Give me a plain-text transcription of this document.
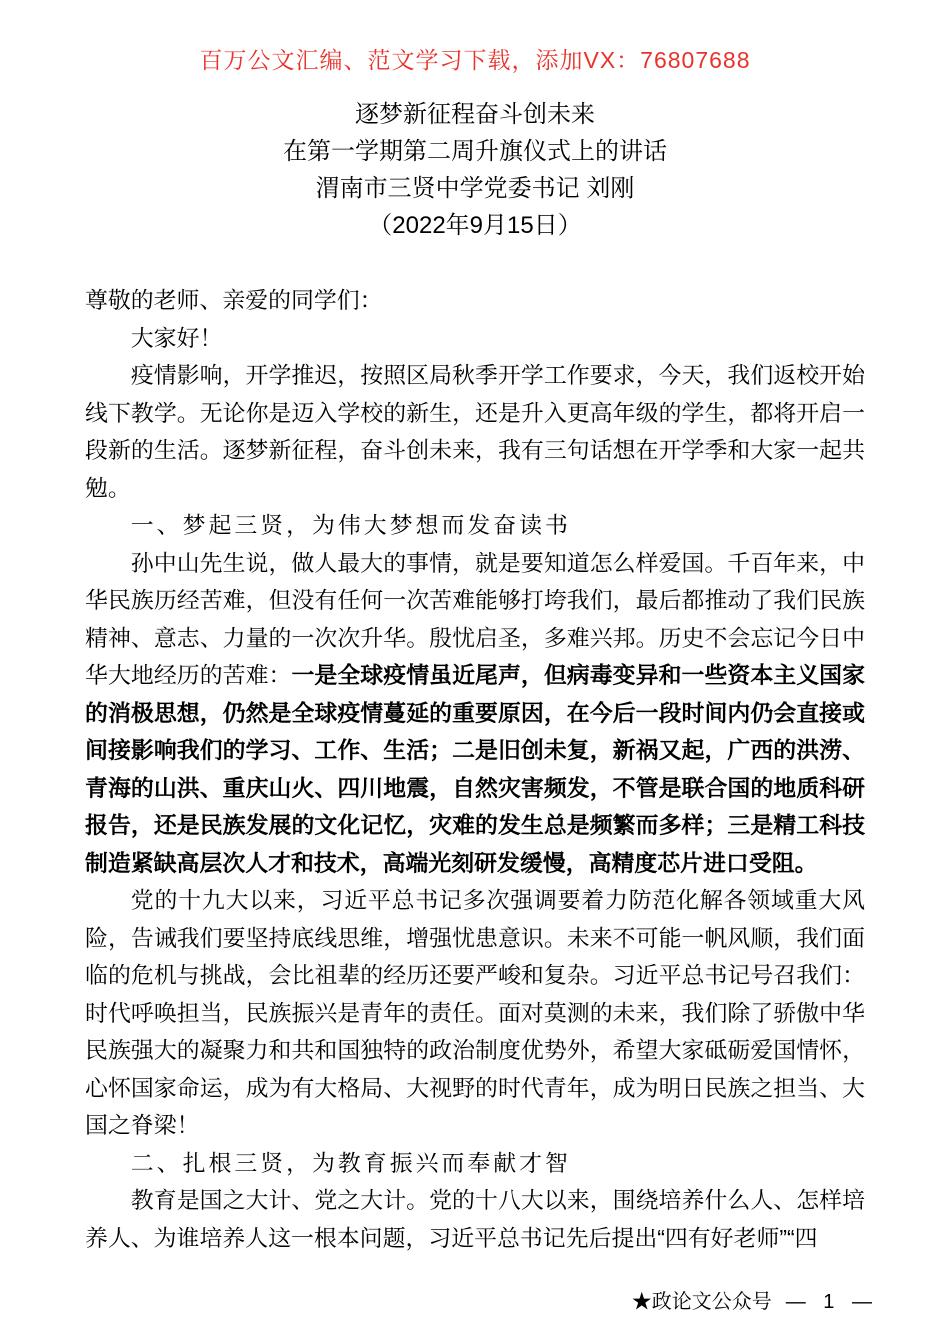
百万公文汇编、范文学习下载，添加VX：76807688
逐梦新征程奋斗创未来
在第一学期第二周升旗仪式上的讲话
渭南市三贤中学党委书记 刘刚
（2022年9月15日）

尊敬的老师、亲爱的同学们：

大家好！

疫情影响，开学推迟，按照区局秋季开学工作要求，今天，我们返校开始线下教学。无论你是迈入学校的新生，还是升入更高年级的学生，都将开启一段新的生活。逐梦新征程，奋斗创未来，我有三句话想在开学季和大家一起共勉。

一、梦起三贤，为伟大梦想而发奋读书

孙中山先生说，做人最大的事情，就是要知道怎么样爱国。千百年来，中华民族历经苦难，但没有任何一次苦难能够打垮我们，最后都推动了我们民族精神、意志、力量的一次次升华。殷忧启圣，多难兴邦。历史不会忘记今日中华大地经历的苦难：一是全球疫情虽近尾声，但病毒变异和一些资本主义国家的消极思想，仍然是全球疫情蔓延的重要原因，在今后一段时间内仍会直接或间接影响我们的学习、工作、生活；二是旧创未复，新祸又起，广西的洪涝、青海的山洪、重庆山火、四川地震，自然灾害频发，不管是联合国的地质科研报告，还是民族发展的文化记忆，灾难的发生总是频繁而多样；三是精工科技制造紧缺高层次人才和技术，高端光刻研发缓慢，高精度芯片进口受阻。

党的十九大以来，习近平总书记多次强调要着力防范化解各领域重大风险，告诫我们要坚持底线思维，增强忧患意识。未来不可能一帆风顺，我们面临的危机与挑战，会比祖辈的经历还要严峻和复杂。习近平总书记号召我们：时代呼唤担当，民族振兴是青年的责任。面对莫测的未来，我们除了骄傲中华民族强大的凝聚力和共和国独特的政治制度优势外，希望大家砥砺爱国情怀，心怀国家命运，成为有大格局、大视野的时代青年，成为明日民族之担当、大国之脊梁！

二、扎根三贤，为教育振兴而奉献才智

教育是国之大计、党之大计。党的十八大以来，围绕培养什么人、怎样培养人、为谁培养人这一根本问题，习近平总书记先后提出“四有好老师”“四

★政论文公众号 — 1 —
